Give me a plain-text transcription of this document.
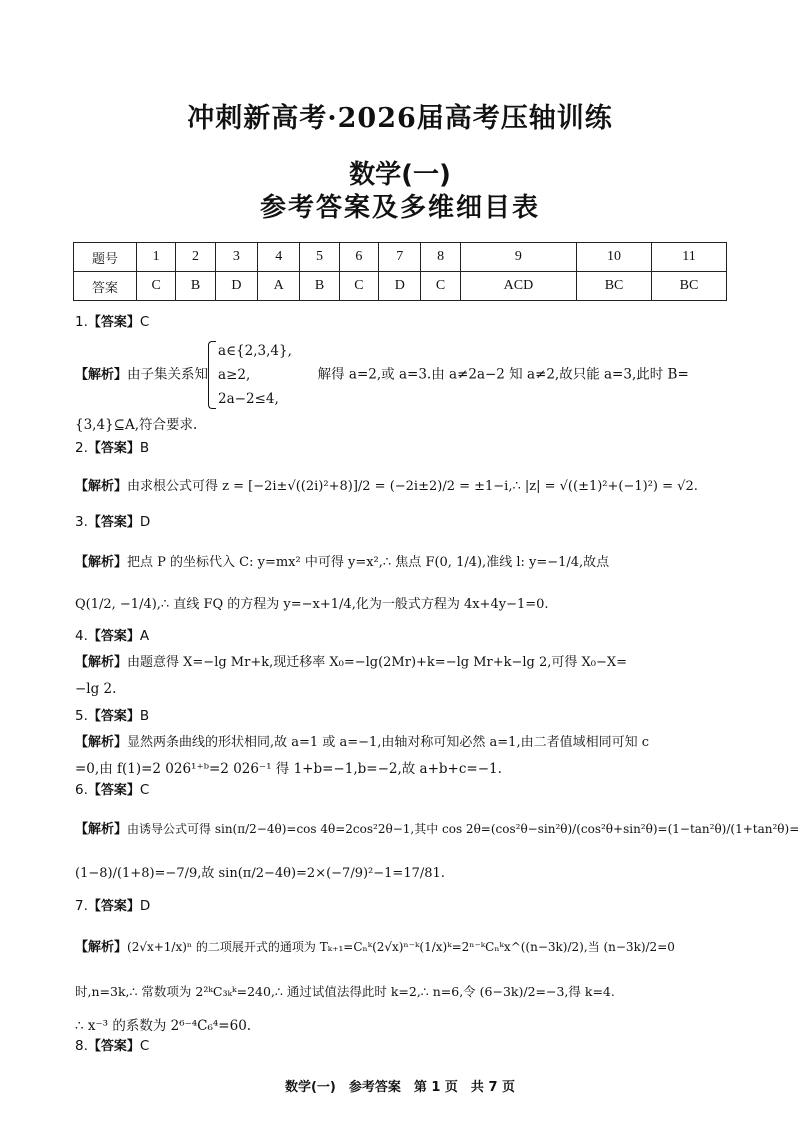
冲刺新高考·2026届高考压轴训练
数学(一)
参考答案及多维细目表
题号	1	2	3	4	5	6	7	8	9	10	11
答案	C	B	D	A	B	C	D	C	ACD	BC	BC
1.【答案】C
【解析】由子集关系知
a∈{2,3,4},
a≥2,
2a−2≤4,
解得 a=2,或 a=3.由 a≠2a−2 知 a≠2,故只能 a=3,此时 B=
{3,4}⊆A,符合要求.
2.【答案】B
【解析】由求根公式可得 z = [−2i±√((2i)²+8)]/2 = (−2i±2)/2 = ±1−i,∴ |z| = √((±1)²+(−1)²) = √2.
3.【答案】D
【解析】把点 P 的坐标代入 C: y=mx² 中可得 y=x²,∴ 焦点 F(0, 1/4),准线 l: y=−1/4,故点
Q(1/2, −1/4),∴ 直线 FQ 的方程为 y=−x+1/4,化为一般式方程为 4x+4y−1=0.
4.【答案】A
【解析】由题意得 X=−lg Mr+k,现迁移率 X₀=−lg(2Mr)+k=−lg Mr+k−lg 2,可得 X₀−X=
−lg 2.
5.【答案】B
【解析】显然两条曲线的形状相同,故 a=1 或 a=−1,由轴对称可知必然 a=1,由二者值域相同可知 c
=0,由 f(1)=2 026¹⁺ᵇ=2 026⁻¹ 得 1+b=−1,b=−2,故 a+b+c=−1.
6.【答案】C
【解析】由诱导公式可得 sin(π/2−4θ)=cos 4θ=2cos²2θ−1,其中 cos 2θ=(cos²θ−sin²θ)/(cos²θ+sin²θ)=(1−tan²θ)/(1+tan²θ)=
(1−8)/(1+8)=−7/9,故 sin(π/2−4θ)=2×(−7/9)²−1=17/81.
7.【答案】D
【解析】(2√x+1/x)ⁿ 的二项展开式的通项为 Tₖ₊₁=Cₙᵏ(2√x)ⁿ⁻ᵏ(1/x)ᵏ=2ⁿ⁻ᵏCₙᵏx^((n−3k)/2),当 (n−3k)/2=0
时,n=3k,∴ 常数项为 2²ᵏC₃ₖᵏ=240,∴ 通过试值法得此时 k=2,∴ n=6,令 (6−3k)/2=−3,得 k=4.
∴ x⁻³ 的系数为 2⁶⁻⁴C₆⁴=60.
8.【答案】C
数学(一)　参考答案　第 1 页　共 7 页
